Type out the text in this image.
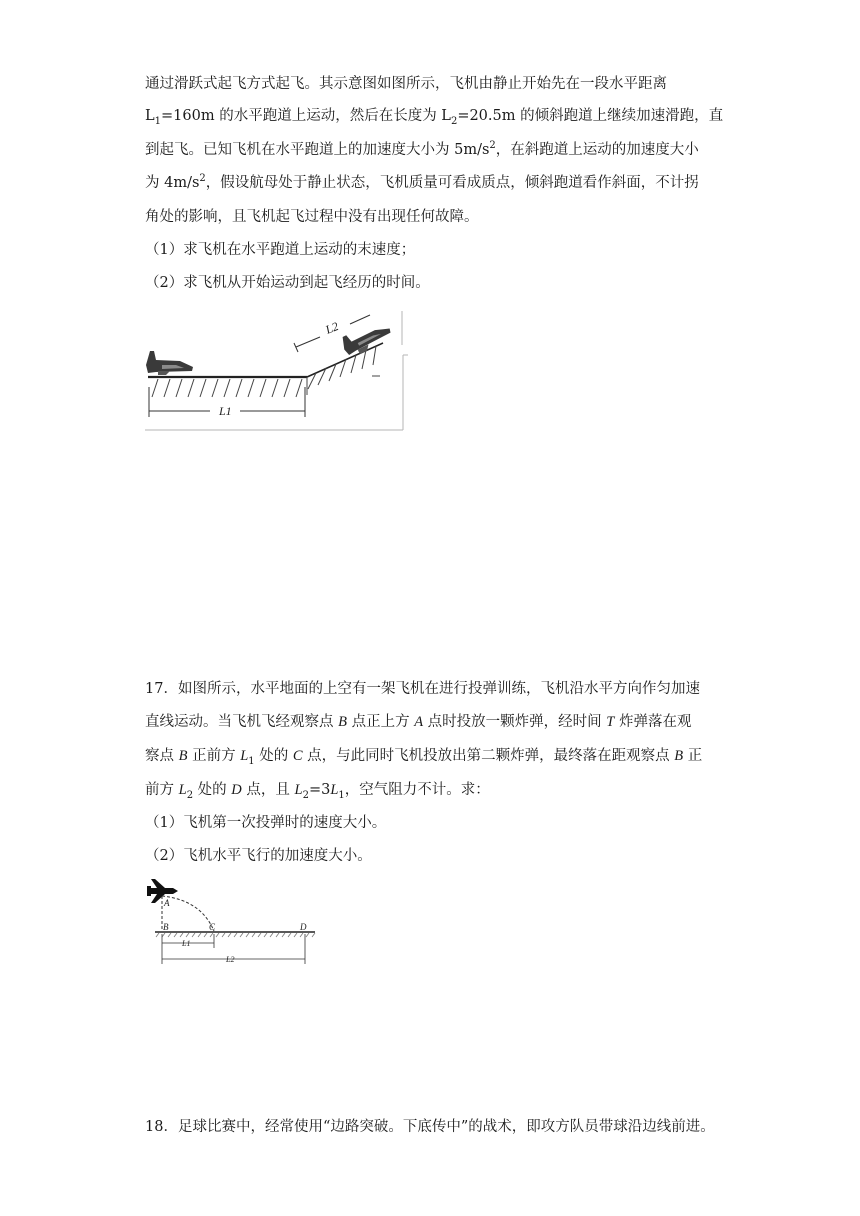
通过滑跃式起飞方式起飞。其示意图如图所示，飞机由静止开始先在一段水平距离
$L_1=160m$ 的水平跑道上运动，然后在长度为 $L_2=20.5m$ 的倾斜跑道上继续加速滑跑，直
到起飞。已知飞机在水平跑道上的加速度大小为 $5m/s^2$，在斜跑道上运动的加速度大小
为 $4m/s^2$，假设航母处于静止状态，飞机质量可看成质点，倾斜跑道看作斜面，不计拐
角处的影响，且飞机起飞过程中没有出现任何故障。
（1）求飞机在水平跑道上运动的末速度；
（2）求飞机从开始运动到起飞经历的时间。
L1
L2
17．如图所示，水平地面的上空有一架飞机在进行投弹训练，飞机沿水平方向作匀加速
直线运动。当飞机飞经观察点 B 点正上方 A 点时投放一颗炸弹，经时间 T 炸弹落在观
察点 B 正前方 $L_1$ 处的 C 点，与此同时飞机投放出第二颗炸弹，最终落在距观察点 B 正
前方 $L_2$ 处的 D 点，且 $L_2=3L_1$，空气阻力不计。求：
（1）飞机第一次投弹时的速度大小。
（2）飞机水平飞行的加速度大小。
A
B	C	D
L1
L2
18．足球比赛中，经常使用“边路突破。下底传中”的战术，即攻方队员带球沿边线前进。
